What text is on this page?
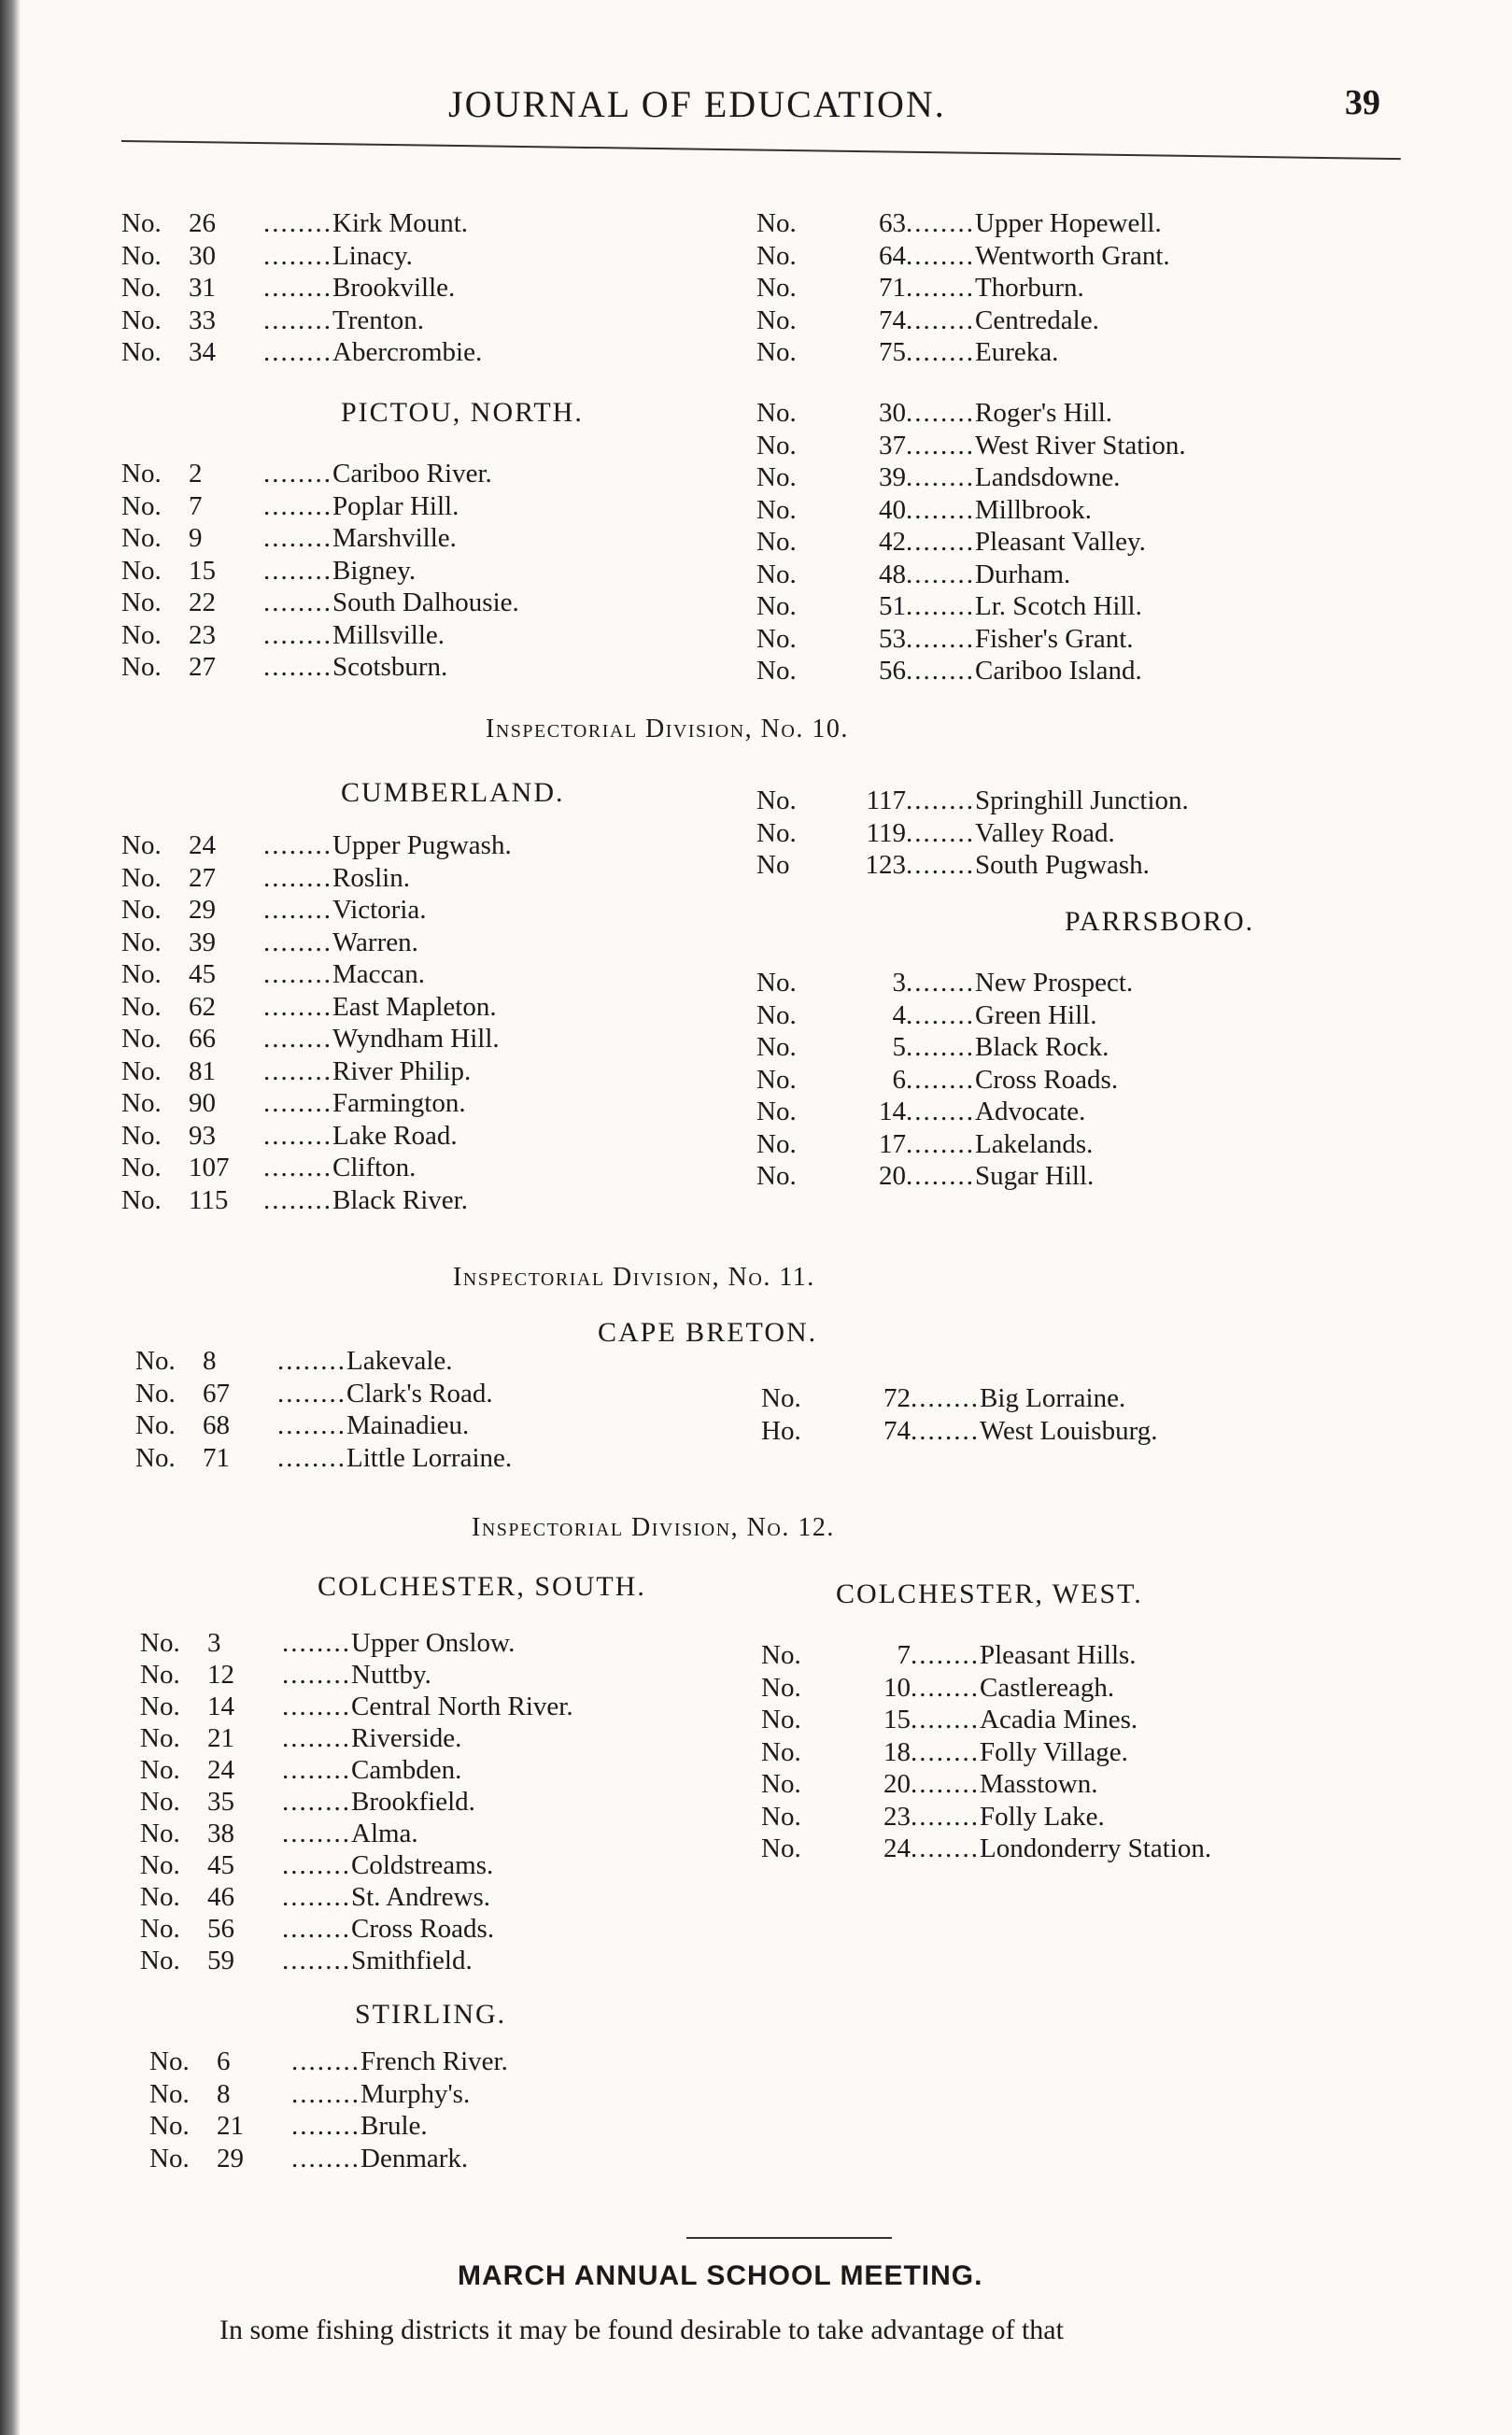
JOURNAL OF EDUCATION.	39
No. 26 ........Kirk Mount.
No. 30 ........Linacy.
No. 31 ........Brookville.
No. 33 ........Trenton.
No. 34 ........Abercrombie.
No.	63........Upper Hopewell.
No.	64........Wentworth Grant.
No.	71........Thorburn.
No.	74........Centredale.
No.	75........Eureka.
PICTOU, NORTH.
No. 2 ........Cariboo River.
No. 7 ........Poplar Hill.
No. 9 ........Marshville.
No. 15 ........Bigney.
No. 22 ........South Dalhousie.
No. 23 ........Millsville.
No. 27 ........Scotsburn.
No.	30........Roger's Hill.
No.	37........West River Station.
No.	39........Landsdowne.
No.	40........Millbrook.
No.	42........Pleasant Valley.
No.	48........Durham.
No.	51........Lr. Scotch Hill.
No.	53........Fisher's Grant.
No.	56........Cariboo Island.
Inspectorial Division, No. 10.
CUMBERLAND.
No. 24 ........Upper Pugwash.
No. 27 ........Roslin.
No. 29 ........Victoria.
No. 39 ........Warren.
No. 45 ........Maccan.
No. 62 ........East Mapleton.
No. 66 ........Wyndham Hill.
No. 81 ........River Philip.
No. 90 ........Farmington.
No. 93 ........Lake Road.
No. 107 ........Clifton.
No. 115 ........Black River.
No.	117........Springhill Junction.
No.	119........Valley Road.
No	123........South Pugwash.
PARRSBORO.
No.	3........New Prospect.
No.	4........Green Hill.
No.	5........Black Rock.
No.	6........Cross Roads.
No.	14........Advocate.
No.	17........Lakelands.
No.	20........Sugar Hill.
Inspectorial Division, No. 11.
CAPE BRETON.
No. 8 ........Lakevale.
No. 67 ........Clark's Road.
No. 68 ........Mainadieu.
No. 71 ........Little Lorraine.
No.	72........Big Lorraine.
Ho.	74........West Louisburg.
Inspectorial Division, No. 12.
COLCHESTER, SOUTH.
No. 3 ........Upper Onslow.
No. 12 ........Nuttby.
No. 14 ........Central North River.
No. 21 ........Riverside.
No. 24 ........Cambden.
No. 35 ........Brookfield.
No. 38 ........Alma.
No. 45 ........Coldstreams.
No. 46 ........St. Andrews.
No. 56 ........Cross Roads.
No. 59 ........Smithfield.
COLCHESTER, WEST.
No.	7........Pleasant Hills.
No.	10........Castlereagh.
No.	15........Acadia Mines.
No.	18........Folly Village.
No.	20........Masstown.
No.	23........Folly Lake.
No.	24........Londonderry Station.
STIRLING.
No. 6 ........French River.
No. 8 ........Murphy's.
No. 21 ........Brule.
No. 29 ........Denmark.
MARCH ANNUAL SCHOOL MEETING.
In some fishing districts it may be found desirable to take advantage of that
